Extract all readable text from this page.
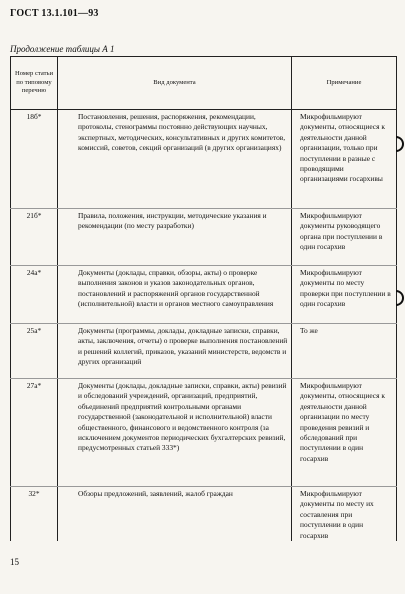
ГОСТ 13.1.101—93
Продолжение таблицы А 1
Номер статьи по типовому перечню	Вид документа	Примечание
18б*	Постановления, решения, распоряжения, рекомендации, протоколы, стенограммы постоянно действующих научных, экспертных, методических, консультативных и других комитетов, комиссий, советов, секций организаций (в других организациях)	Микрофильмируют документы, относящиеся к деятельности данной организации, только при поступлении в разные с проводящими организациями госархивы
21б*	Правила, положения, инструкции, методические указания и рекомендации (по месту разработки)	Микрофильмируют документы руководящего органа при поступлении в один госархив
24а*	Документы (доклады, справки, обзоры, акты) о проверке выполнения законов и указов законодательных органов, постановлений и распоряжений органов государственной (исполнительной) власти и органов местного самоуправления	Микрофильмируют документы по месту проверки при поступлении в один госархив
25а*	Документы (программы, доклады, докладные записки, справки, акты, заключения, отчеты) о проверке выполнения постановлений и решений коллегий, приказов, указаний министерств, ведомств и других организаций	То же
27а*	Документы (доклады, докладные записки, справки, акты) ревизий и обследований учреждений, организаций, предприятий, объединений предприятий контрольными органами государственной (законодательной и исполнительной) власти общественного, финансового и ведомственного контроля (за исключением документов периодических бухгалтерских ревизий, предусмотренных статьей 333*)	Микрофильмируют документы, относящиеся к деятельности данной организации по месту проведения ревизий и обследований при поступлении в один госархив
32*	Обзоры предложений, заявлений, жалоб граждан	Микрофильмируют документы по месту их составления при поступлении в один госархив
15
